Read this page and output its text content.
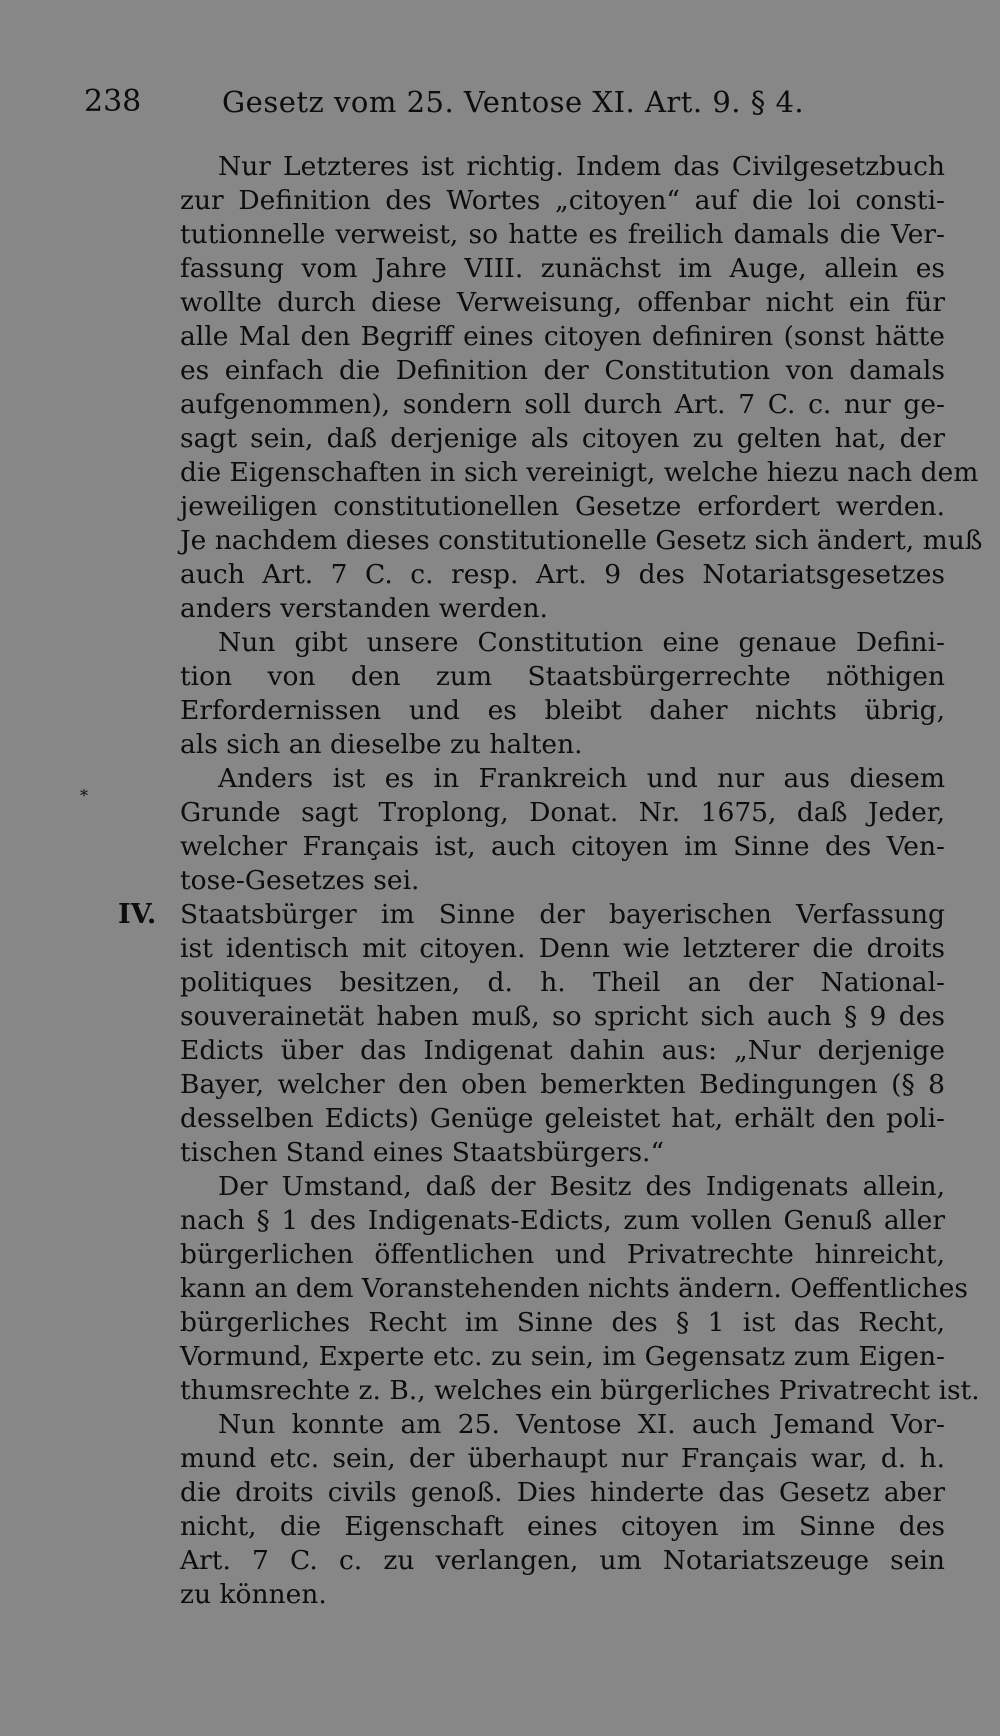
238	Gesetz vom 25. Ventose XI. Art. 9. § 4.
*
Nur Letzteres ist richtig. Indem das Civilgesetzbuch
zur Definition des Wortes „citoyen“ auf die loi consti-
tutionnelle verweist, so hatte es freilich damals die Ver-
fassung vom Jahre VIII. zunächst im Auge, allein es
wollte durch diese Verweisung, offenbar nicht ein für
alle Mal den Begriff eines citoyen definiren (sonst hätte
es einfach die Definition der Constitution von damals
aufgenommen), sondern soll durch Art. 7 C. c. nur ge-
sagt sein, daß derjenige als citoyen zu gelten hat, der
die Eigenschaften in sich vereinigt, welche hiezu nach dem
jeweiligen constitutionellen Gesetze erfordert werden.
Je nachdem dieses constitutionelle Gesetz sich ändert, muß
auch Art. 7 C. c. resp. Art. 9 des Notariatsgesetzes
anders verstanden werden.
Nun gibt unsere Constitution eine genaue Defini-
tion von den zum Staatsbürgerrechte nöthigen
Erfordernissen und es bleibt daher nichts übrig,
als sich an dieselbe zu halten.
Anders ist es in Frankreich und nur aus diesem
Grunde sagt Troplong, Donat. Nr. 1675, daß Jeder,
welcher Français ist, auch citoyen im Sinne des Ven-
tose-Gesetzes sei.
IV. Staatsbürger im Sinne der bayerischen Verfassung
ist identisch mit citoyen. Denn wie letzterer die droits
politiques besitzen, d. h. Theil an der National-
souverainetät haben muß, so spricht sich auch § 9 des
Edicts über das Indigenat dahin aus: „Nur derjenige
Bayer, welcher den oben bemerkten Bedingungen (§ 8
desselben Edicts) Genüge geleistet hat, erhält den poli-
tischen Stand eines Staatsbürgers.“
Der Umstand, daß der Besitz des Indigenats allein,
nach § 1 des Indigenats-Edicts, zum vollen Genuß aller
bürgerlichen öffentlichen und Privatrechte hinreicht,
kann an dem Voranstehenden nichts ändern. Oeffentliches
bürgerliches Recht im Sinne des § 1 ist das Recht,
Vormund, Experte etc. zu sein, im Gegensatz zum Eigen-
thumsrechte z. B., welches ein bürgerliches Privatrecht ist.
Nun konnte am 25. Ventose XI. auch Jemand Vor-
mund etc. sein, der überhaupt nur Français war, d. h.
die droits civils genoß. Dies hinderte das Gesetz aber
nicht, die Eigenschaft eines citoyen im Sinne des
Art. 7 C. c. zu verlangen, um Notariatszeuge sein
zu können.
